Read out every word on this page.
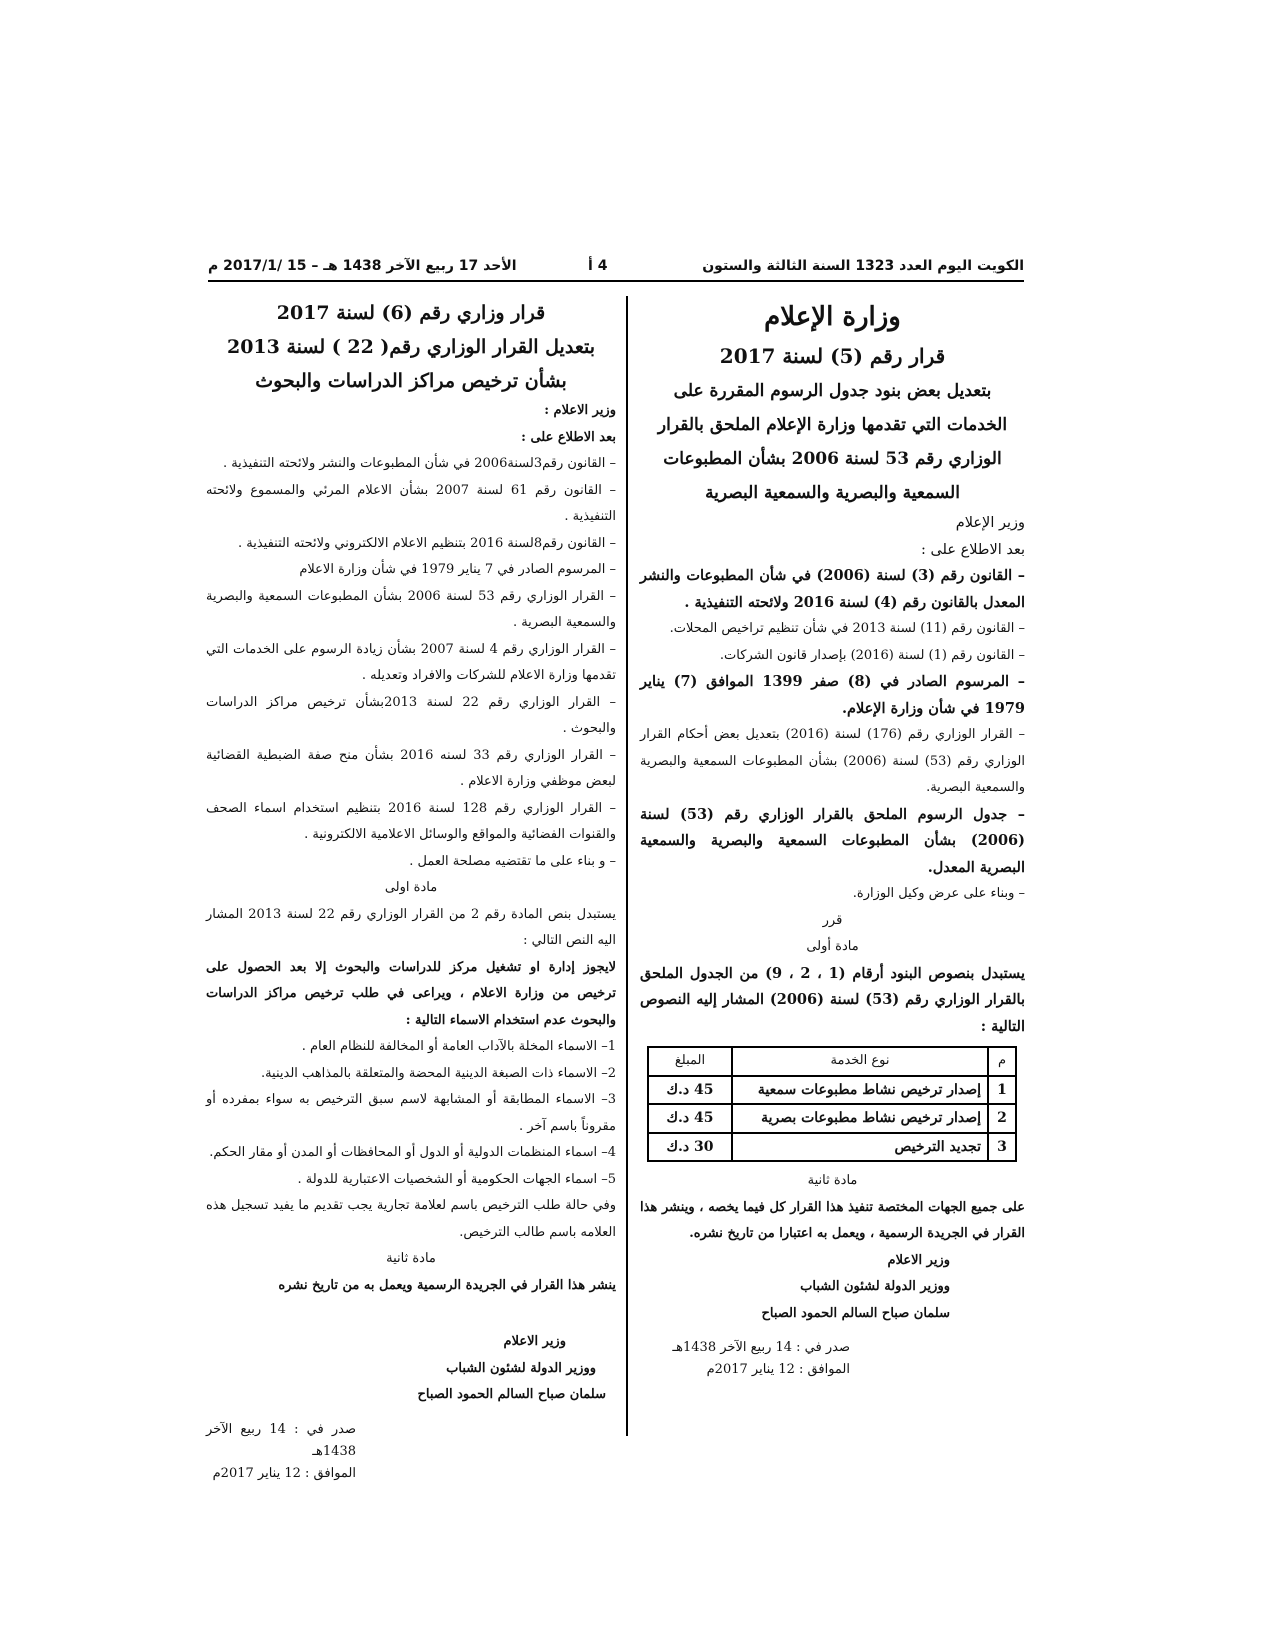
الكويت اليوم العدد 1323 السنة الثالثة والستون
4 أ
الأحد 17 ربيع الآخر 1438 هـ – 15 /2017/1 م

وزارة الإعلام

قرار رقم (5) لسنة 2017

بتعديل بعض بنود جدول الرسوم المقررة على

الخدمات التي تقدمها وزارة الإعلام الملحق بالقرار

الوزاري رقم 53 لسنة 2006 بشأن المطبوعات

السمعية والبصرية والسمعية البصرية

وزير الإعلام

بعد الاطلاع على :

– القانون رقم (3) لسنة (2006) في شأن المطبوعات والنشر المعدل بالقانون رقم (4) لسنة 2016 ولائحته التنفيذية .

– القانون رقم (11) لسنة 2013 في شأن تنظيم تراخيص المحلات.

– القانون رقم (1) لسنة (2016) بإصدار قانون الشركات.

– المرسوم الصادر في (8) صفر 1399 الموافق (7) يناير 1979 في شأن وزارة الإعلام.

– القرار الوزاري رقم (176) لسنة (2016) بتعديل بعض أحكام القرار الوزاري رقم (53) لسنة (2006) بشأن المطبوعات السمعية والبصرية والسمعية البصرية.

– جدول الرسوم الملحق بالقرار الوزاري رقم (53) لسنة (2006) بشأن المطبوعات السمعية والبصرية والسمعية البصرية المعدل.

– وبناء على عرض وكيل الوزارة.

قرر

مادة أولى

يستبدل بنصوص البنود أرقام (1 ، 2 ، 9) من الجدول الملحق بالقرار الوزاري رقم (53) لسنة (2006) المشار إليه النصوص التالية :

م	نوع الخدمة	المبلغ
1	إصدار ترخيص نشاط مطبوعات سمعية	45 د.ك
2	إصدار ترخيص نشاط مطبوعات بصرية	45 د.ك
3	تجديد الترخيص	30 د.ك

مادة ثانية

على جميع الجهات المختصة تنفيذ هذا القرار كل فيما يخصه ، وينشر هذا القرار في الجريدة الرسمية ، ويعمل به اعتبارا من تاريخ نشره.

وزير الاعلام

ووزير الدولة لشئون الشباب

سلمان صباح السالم الحمود الصباح

صدر في : 14 ربيع الآخر 1438هـ

الموافق : 12 يناير 2017م

قرار وزاري رقم (6) لسنة 2017

بتعديل القرار الوزاري رقم( 22 ) لسنة 2013

بشأن ترخيص مراكز الدراسات والبحوث

وزير الاعلام :

بعد الاطلاع على :

– القانون رقم3لسنة2006 في شأن المطبوعات والنشر ولائحته التنفيذية .

– القانون رقم 61 لسنة 2007 بشأن الاعلام المرئي والمسموع ولائحته التنفيذية .

– القانون رقم8لسنة 2016 بتنظيم الاعلام الالكتروني ولائحته التنفيذية .

– المرسوم الصادر في 7 يناير 1979 في شأن وزارة الاعلام

– القرار الوزاري رقم 53 لسنة 2006 بشأن المطبوعات السمعية والبصرية والسمعية البصرية .

– القرار الوزاري رقم 4 لسنة 2007 بشأن زيادة الرسوم على الخدمات التي تقدمها وزارة الاعلام للشركات والافراد وتعديله .

– القرار الوزاري رقم 22 لسنة 2013بشأن ترخيص مراكز الدراسات والبحوث .

– القرار الوزاري رقم 33 لسنه 2016 بشأن منح صفة الضبطية القضائية لبعض موظفي وزارة الاعلام .

– القرار الوزاري رقم 128 لسنة 2016 بتنظيم استخدام اسماء الصحف والقنوات الفضائية والمواقع والوسائل الاعلامية الالكترونية .

– و بناء على ما تقتضيه مصلحة العمل .

مادة اولى

يستبدل بنص المادة رقم 2 من القرار الوزاري رقم 22 لسنة 2013 المشار اليه النص التالي :

لايجوز إدارة او تشغيل مركز للدراسات والبحوث إلا بعد الحصول على ترخيص من وزارة الاعلام ، ويراعى في طلب ترخيص مراكز الدراسات والبحوث عدم استخدام الاسماء التالية :

1– الاسماء المخلة بالآداب العامة أو المخالفة للنظام العام .

2– الاسماء ذات الصبغة الدينية المحضة والمتعلقة بالمذاهب الدينية.

3– الاسماء المطابقة أو المشابهة لاسم سبق الترخيص به سواء بمفرده أو مقروناً باسم آخر .

4– اسماء المنظمات الدولية أو الدول أو المحافظات أو المدن أو مقار الحكم.

5– اسماء الجهات الحكومية أو الشخصيات الاعتبارية للدولة .

وفي حالة طلب الترخيص باسم لعلامة تجارية يجب تقديم ما يفيد تسجيل هذه العلامه باسم طالب الترخيص.

مادة ثانية

ينشر هذا القرار في الجريدة الرسمية ويعمل به من تاريخ نشره

وزير الاعلام

ووزير الدولة لشئون الشباب

سلمان صباح السالم الحمود الصباح

صدر في : 14 ربيع الآخر 1438هـ

الموافق : 12 يناير 2017م
